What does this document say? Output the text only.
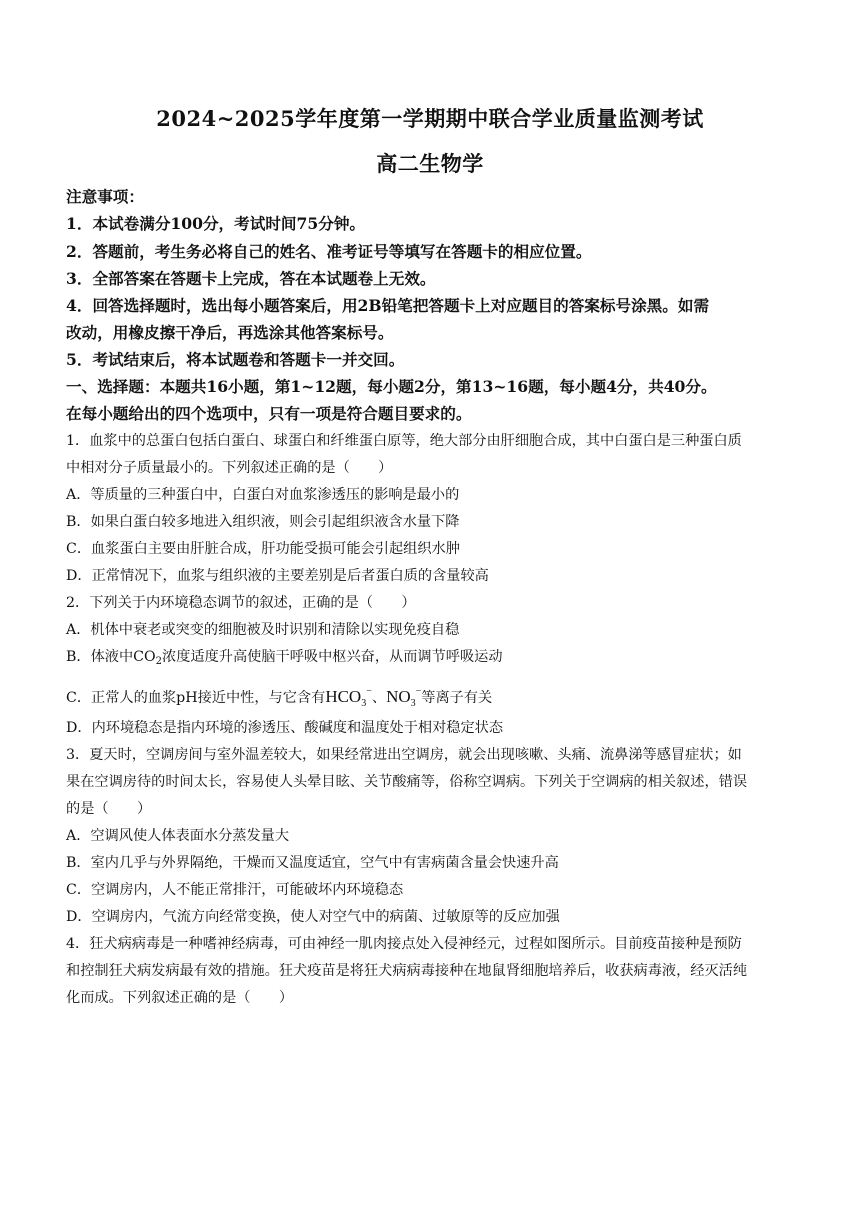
2024~2025学年度第一学期期中联合学业质量监测考试
高二生物学
注意事项：
1．本试卷满分100分，考试时间75分钟。
2．答题前，考生务必将自己的姓名、准考证号等填写在答题卡的相应位置。
3．全部答案在答题卡上完成，答在本试题卷上无效。
4．回答选择题时，选出每小题答案后，用2B铅笔把答题卡上对应题目的答案标号涂黑。如需
改动，用橡皮擦干净后，再选涂其他答案标号。
5．考试结束后，将本试题卷和答题卡一并交回。
一、选择题：本题共16小题，第1~12题，每小题2分，第13~16题，每小题4分，共40分。
在每小题给出的四个选项中，只有一项是符合题目要求的。
1．血浆中的总蛋白包括白蛋白、球蛋白和纤维蛋白原等，绝大部分由肝细胞合成，其中白蛋白是三种蛋白质
中相对分子质量最小的。下列叙述正确的是（　　）
A．等质量的三种蛋白中，白蛋白对血浆渗透压的影响是最小的
B．如果白蛋白较多地进入组织液，则会引起组织液含水量下降
C．血浆蛋白主要由肝脏合成，肝功能受损可能会引起组织水肿
D．正常情况下，血浆与组织液的主要差别是后者蛋白质的含量较高
2．下列关于内环境稳态调节的叙述，正确的是（　　）
A．机体中衰老或突变的细胞被及时识别和清除以实现免疫自稳
B．体液中$CO_2$浓度适度升高使脑干呼吸中枢兴奋，从而调节呼吸运动
C．正常人的血浆pH接近中性，与它含有$HCO_3^-$、$NO_3^-$等离子有关
D．内环境稳态是指内环境的渗透压、酸碱度和温度处于相对稳定状态
3．夏天时，空调房间与室外温差较大，如果经常进出空调房，就会出现咳嗽、头痛、流鼻涕等感冒症状；如
果在空调房待的时间太长，容易使人头晕目眩、关节酸痛等，俗称空调病。下列关于空调病的相关叙述，错误
的是（　　）
A．空调风使人体表面水分蒸发量大
B．室内几乎与外界隔绝，干燥而又温度适宜，空气中有害病菌含量会快速升高
C．空调房内，人不能正常排汗，可能破坏内环境稳态
D．空调房内，气流方向经常变换，使人对空气中的病菌、过敏原等的反应加强
4．狂犬病病毒是一种嗜神经病毒，可由神经一肌肉接点处入侵神经元，过程如图所示。目前疫苗接种是预防
和控制狂犬病发病最有效的措施。狂犬疫苗是将狂犬病病毒接种在地鼠肾细胞培养后，收获病毒液，经灭活纯
化而成。下列叙述正确的是（　　）
